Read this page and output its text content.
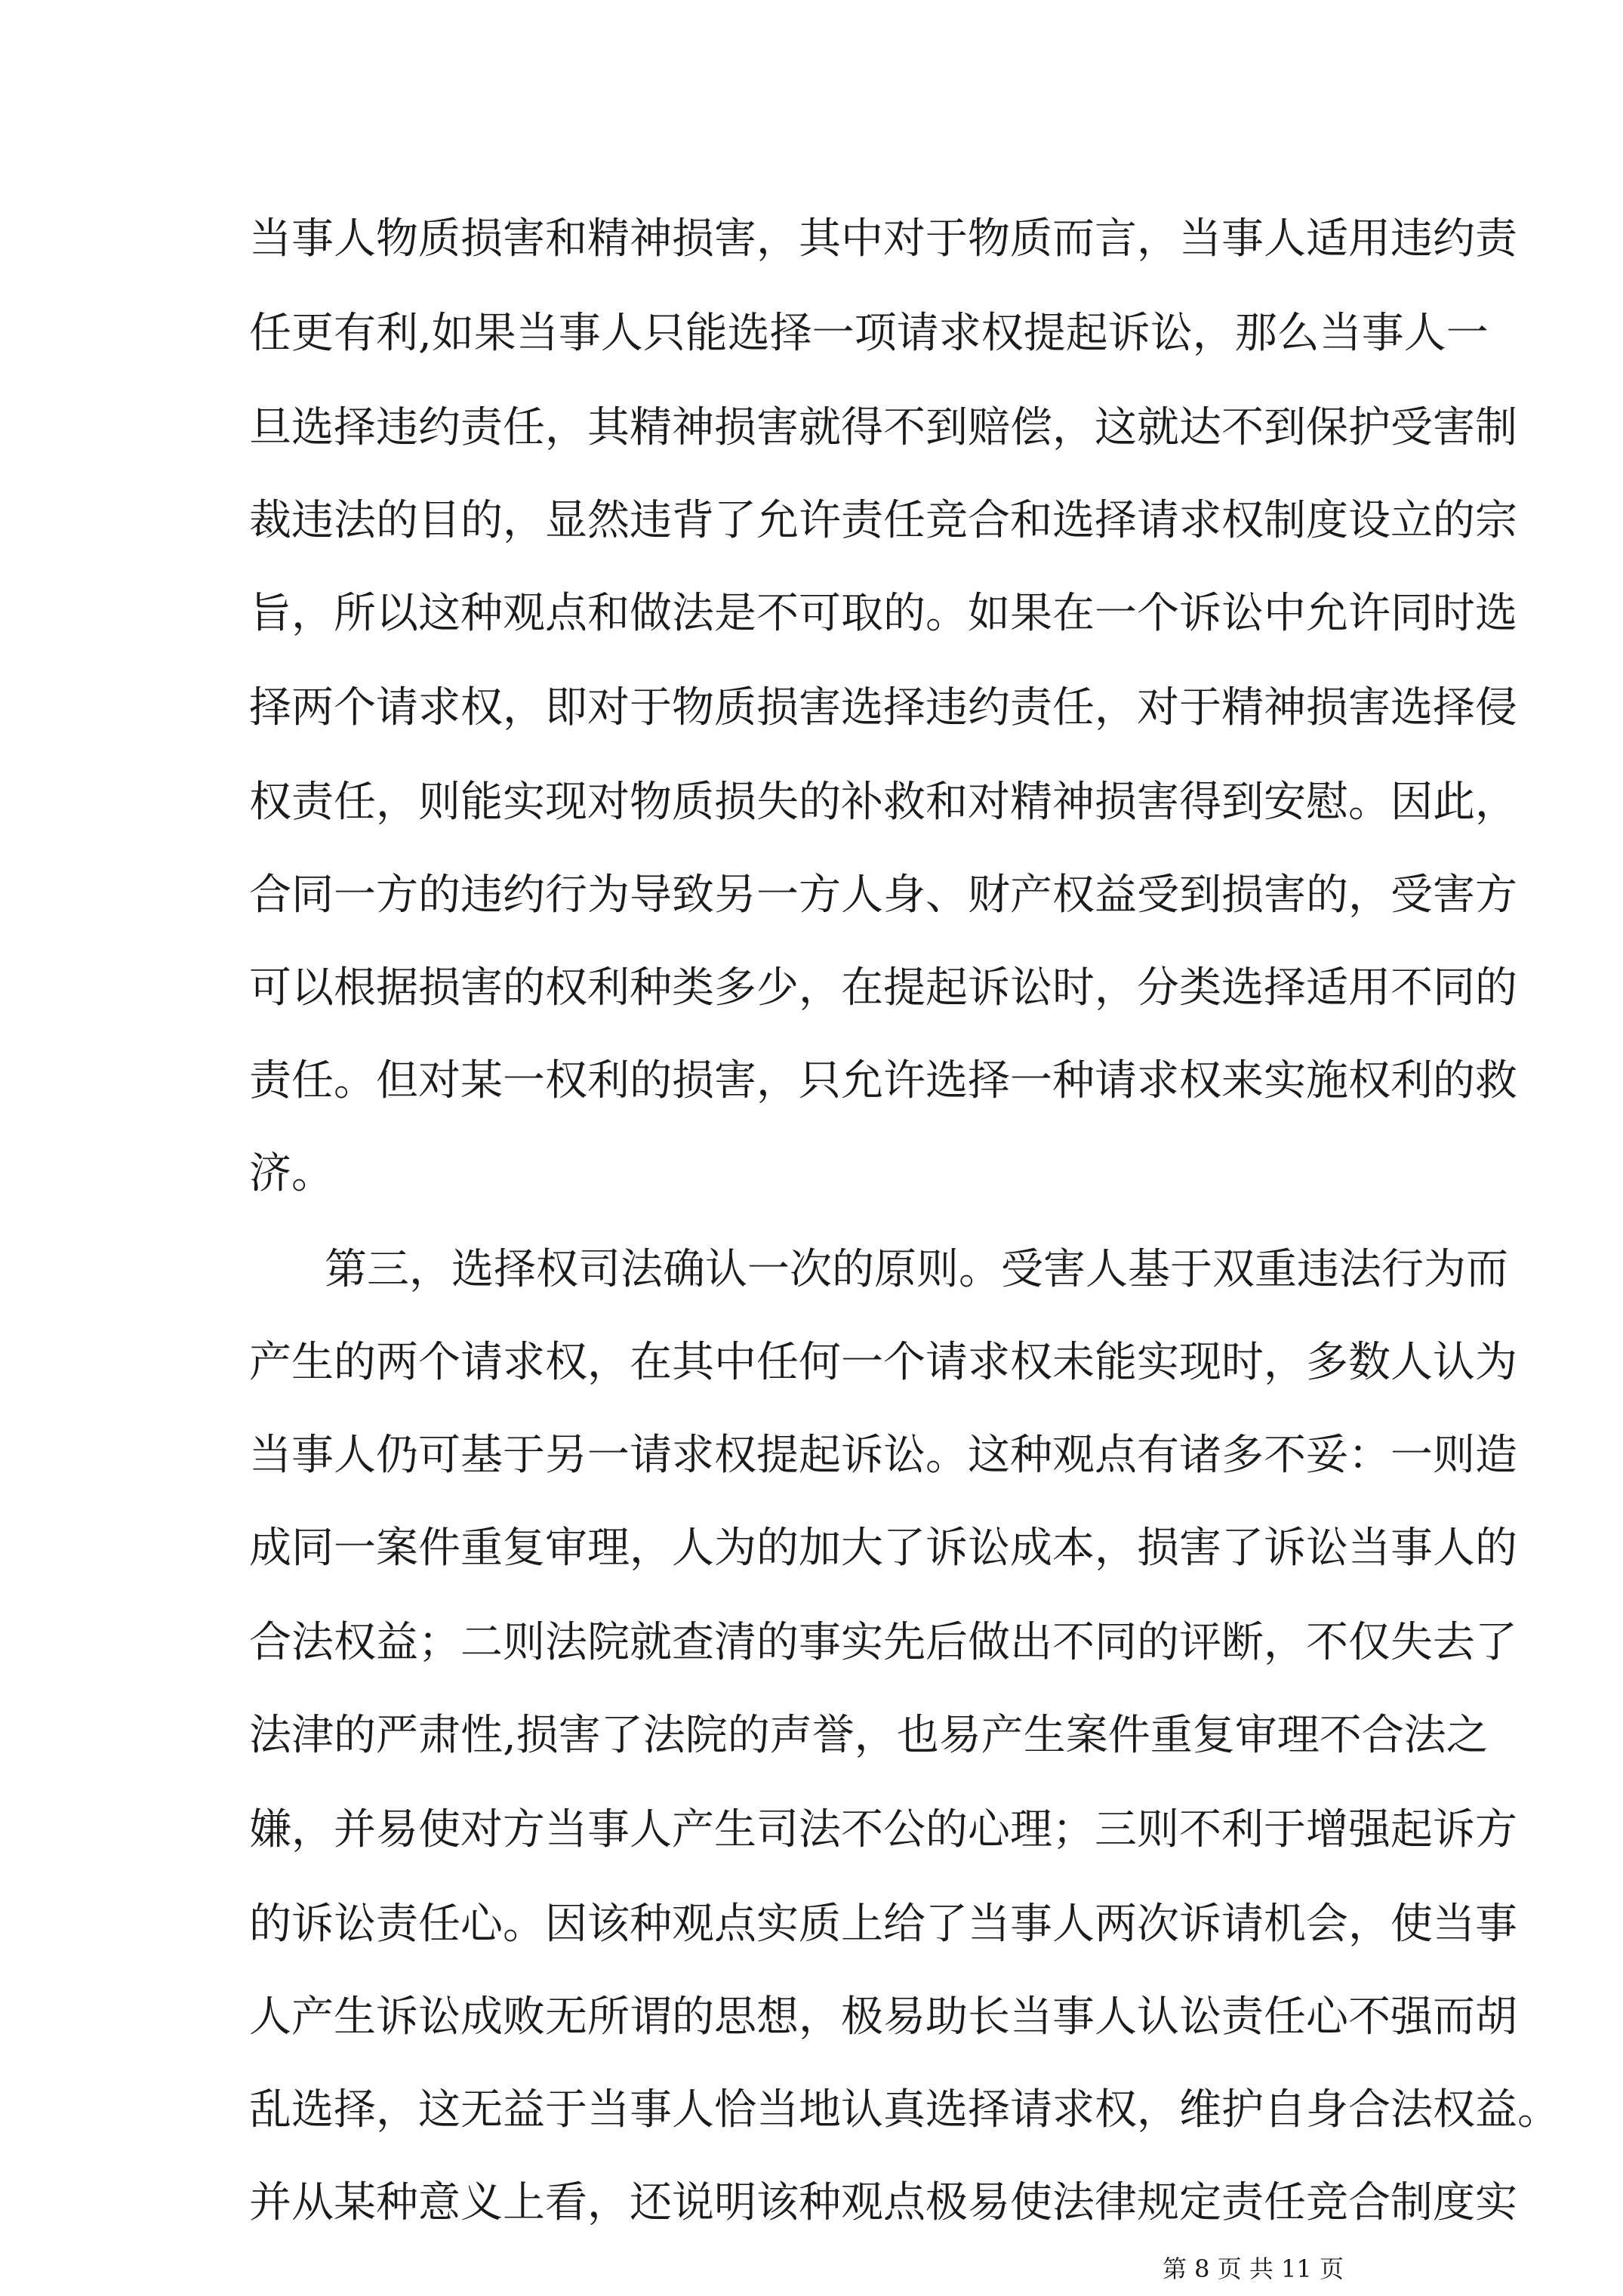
当事人物质损害和精神损害，其中对于物质而言，当事人适用违约责
任更有利,如果当事人只能选择一项请求权提起诉讼，那么当事人一
旦选择违约责任，其精神损害就得不到赔偿，这就达不到保护受害制
裁违法的目的，显然违背了允许责任竞合和选择请求权制度设立的宗
旨，所以这种观点和做法是不可取的。如果在一个诉讼中允许同时选
择两个请求权，即对于物质损害选择违约责任，对于精神损害选择侵
权责任，则能实现对物质损失的补救和对精神损害得到安慰。因此，
合同一方的违约行为导致另一方人身、财产权益受到损害的，受害方
可以根据损害的权利种类多少，在提起诉讼时，分类选择适用不同的
责任。但对某一权利的损害，只允许选择一种请求权来实施权利的救
济。
第三，选择权司法确认一次的原则。受害人基于双重违法行为而
产生的两个请求权，在其中任何一个请求权未能实现时，多数人认为
当事人仍可基于另一请求权提起诉讼。这种观点有诸多不妥：一则造
成同一案件重复审理，人为的加大了诉讼成本，损害了诉讼当事人的
合法权益；二则法院就查清的事实先后做出不同的评断，不仅失去了
法津的严肃性,损害了法院的声誉，也易产生案件重复审理不合法之
嫌，并易使对方当事人产生司法不公的心理；三则不利于增强起诉方
的诉讼责任心。因该种观点实质上给了当事人两次诉请机会，使当事
人产生诉讼成败无所谓的思想，极易助长当事人认讼责任心不强而胡
乱选择，这无益于当事人恰当地认真选择请求权，维护自身合法权益。
并从某种意义上看，还说明该种观点极易使法律规定责任竞合制度实
第 8 页 共 11 页
